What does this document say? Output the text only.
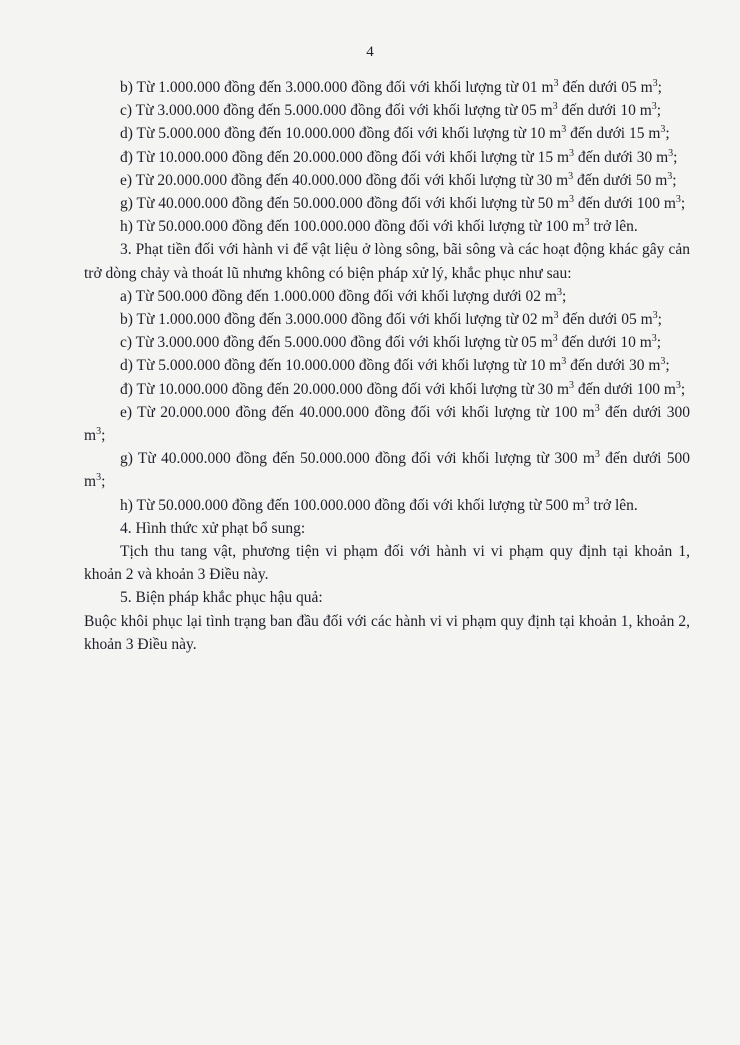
4

b) Từ 1.000.000 đồng đến 3.000.000 đồng đối với khối lượng từ 01 $m^3$ đến dưới 05 $m^3$;

c) Từ 3.000.000 đồng đến 5.000.000 đồng đối với khối lượng từ 05 $m^3$ đến dưới 10 $m^3$;

d) Từ 5.000.000 đồng đến 10.000.000 đồng đối với khối lượng từ 10 $m^3$ đến dưới 15 $m^3$;

đ) Từ 10.000.000 đồng đến 20.000.000 đồng đối với khối lượng từ 15 $m^3$ đến dưới 30 $m^3$;

e) Từ 20.000.000 đồng đến 40.000.000 đồng đối với khối lượng từ 30 $m^3$ đến dưới 50 $m^3$;

g) Từ 40.000.000 đồng đến 50.000.000 đồng đối với khối lượng từ 50 $m^3$ đến dưới 100 $m^3$;

h) Từ 50.000.000 đồng đến 100.000.000 đồng đối với khối lượng từ 100 $m^3$ trở lên.

3. Phạt tiền đối với hành vi để vật liệu ở lòng sông, bãi sông và các hoạt động khác gây cản trở dòng chảy và thoát lũ nhưng không có biện pháp xử lý, khắc phục như sau:

a) Từ 500.000 đồng đến 1.000.000 đồng đối với khối lượng dưới 02 $m^3$;

b) Từ 1.000.000 đồng đến 3.000.000 đồng đối với khối lượng từ 02 $m^3$ đến dưới 05 $m^3$;

c) Từ 3.000.000 đồng đến 5.000.000 đồng đối với khối lượng từ 05 $m^3$ đến dưới 10 $m^3$;

d) Từ 5.000.000 đồng đến 10.000.000 đồng đối với khối lượng từ 10 $m^3$ đến dưới 30 $m^3$;

đ) Từ 10.000.000 đồng đến 20.000.000 đồng đối với khối lượng từ 30 $m^3$ đến dưới 100 $m^3$;

e) Từ 20.000.000 đồng đến 40.000.000 đồng đối với khối lượng từ 100 $m^3$ đến dưới 300 $m^3$;

g) Từ 40.000.000 đồng đến 50.000.000 đồng đối với khối lượng từ 300 $m^3$ đến dưới 500 $m^3$;

h) Từ 50.000.000 đồng đến 100.000.000 đồng đối với khối lượng từ 500 $m^3$ trở lên.

4. Hình thức xử phạt bổ sung:

Tịch thu tang vật, phương tiện vi phạm đối với hành vi vi phạm quy định tại khoản 1, khoản 2 và khoản 3 Điều này.

5. Biện pháp khắc phục hậu quả:

Buộc khôi phục lại tình trạng ban đầu đối với các hành vi vi phạm quy định tại khoản 1, khoản 2, khoản 3 Điều này.
